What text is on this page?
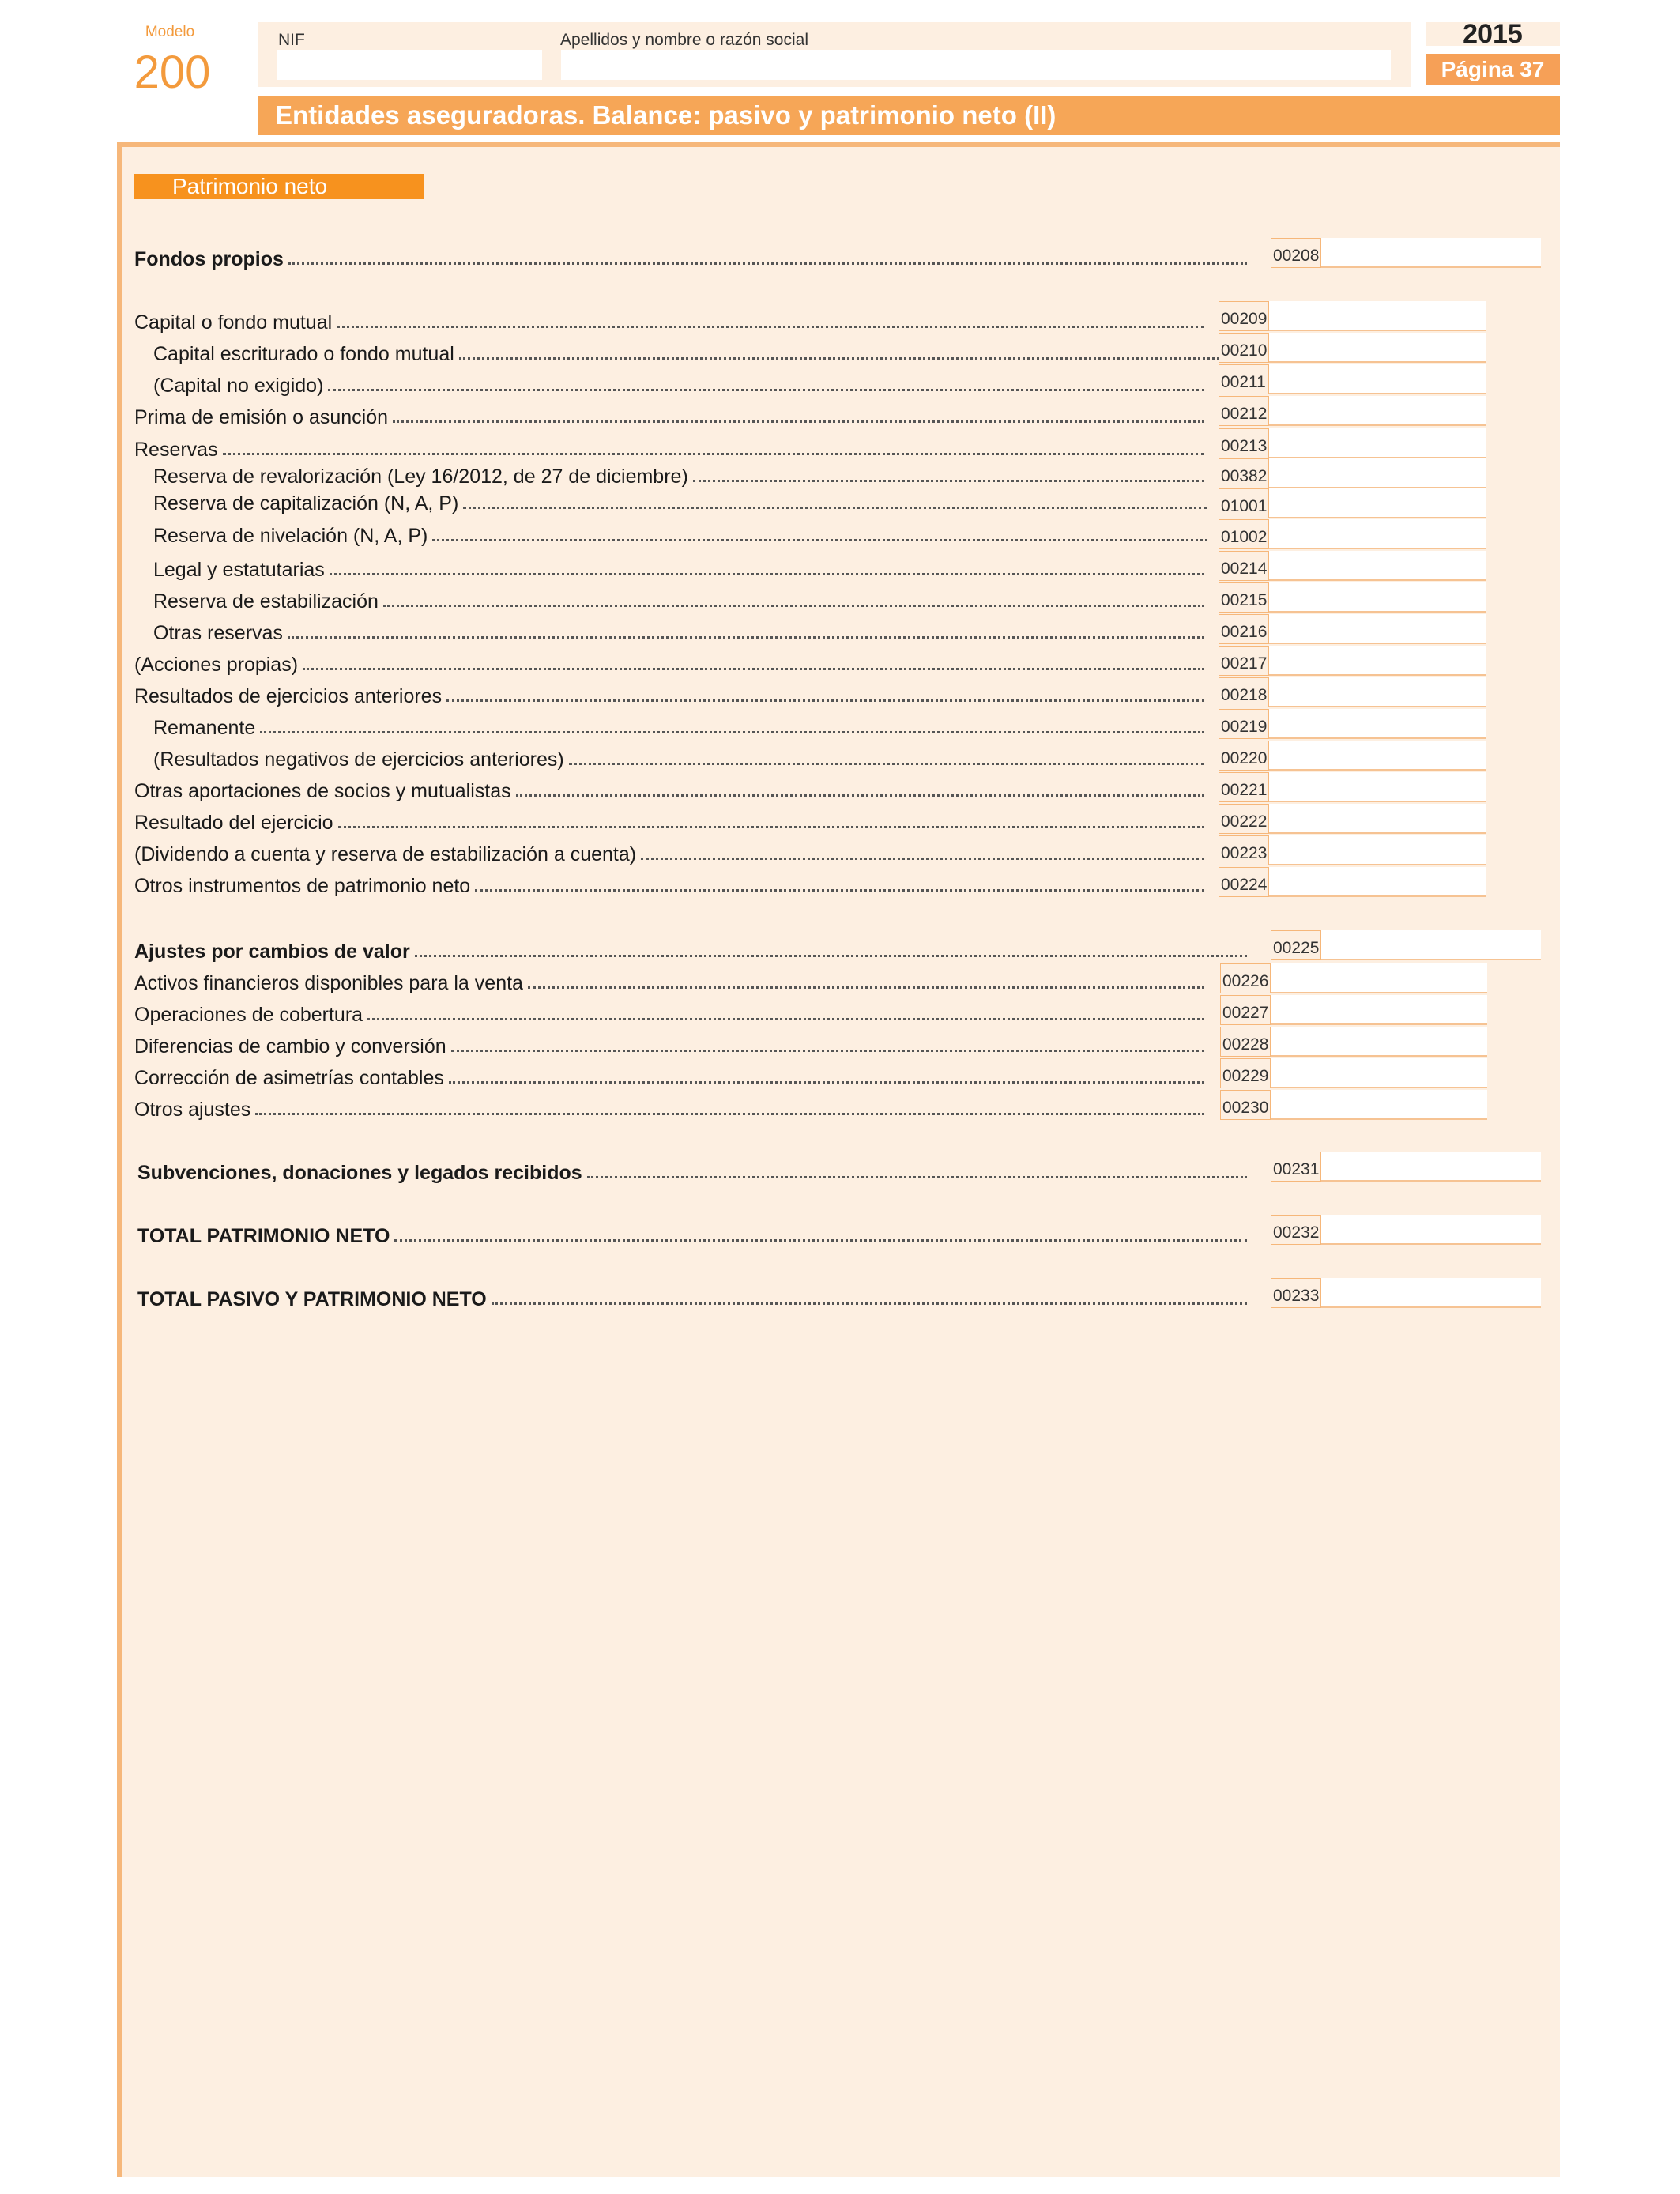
Modelo
200
NIF	Apellidos y nombre o razón social	2015
Página 37
Entidades aseguradoras. Balance: pasivo y patrimonio neto (II)
Patrimonio neto
Fondos propios	00208
Capital o fondo mutual	00209
Capital escriturado o fondo mutual	00210
(Capital no exigido)	00211
Prima de emisión o asunción	00212
Reservas	00213
Reserva de revalorización (Ley 16/2012, de 27 de diciembre)	00382
Reserva de capitalización (N, A, P)	01001
Reserva de nivelación (N, A, P)	01002
Legal y estatutarias	00214
Reserva de estabilización	00215
Otras reservas	00216
(Acciones propias)	00217
Resultados de ejercicios anteriores	00218
Remanente	00219
(Resultados negativos de ejercicios anteriores)	00220
Otras aportaciones de socios y mutualistas	00221
Resultado del ejercicio	00222
(Dividendo a cuenta y reserva de estabilización a cuenta)	00223
Otros instrumentos de patrimonio neto	00224
Ajustes por cambios de valor	00225
Activos financieros disponibles para la venta	00226
Operaciones de cobertura	00227
Diferencias de cambio y conversión	00228
Corrección de asimetrías contables	00229
Otros ajustes	00230
Subvenciones, donaciones y legados recibidos	00231
TOTAL PATRIMONIO NETO	00232
TOTAL PASIVO Y PATRIMONIO NETO	00233
